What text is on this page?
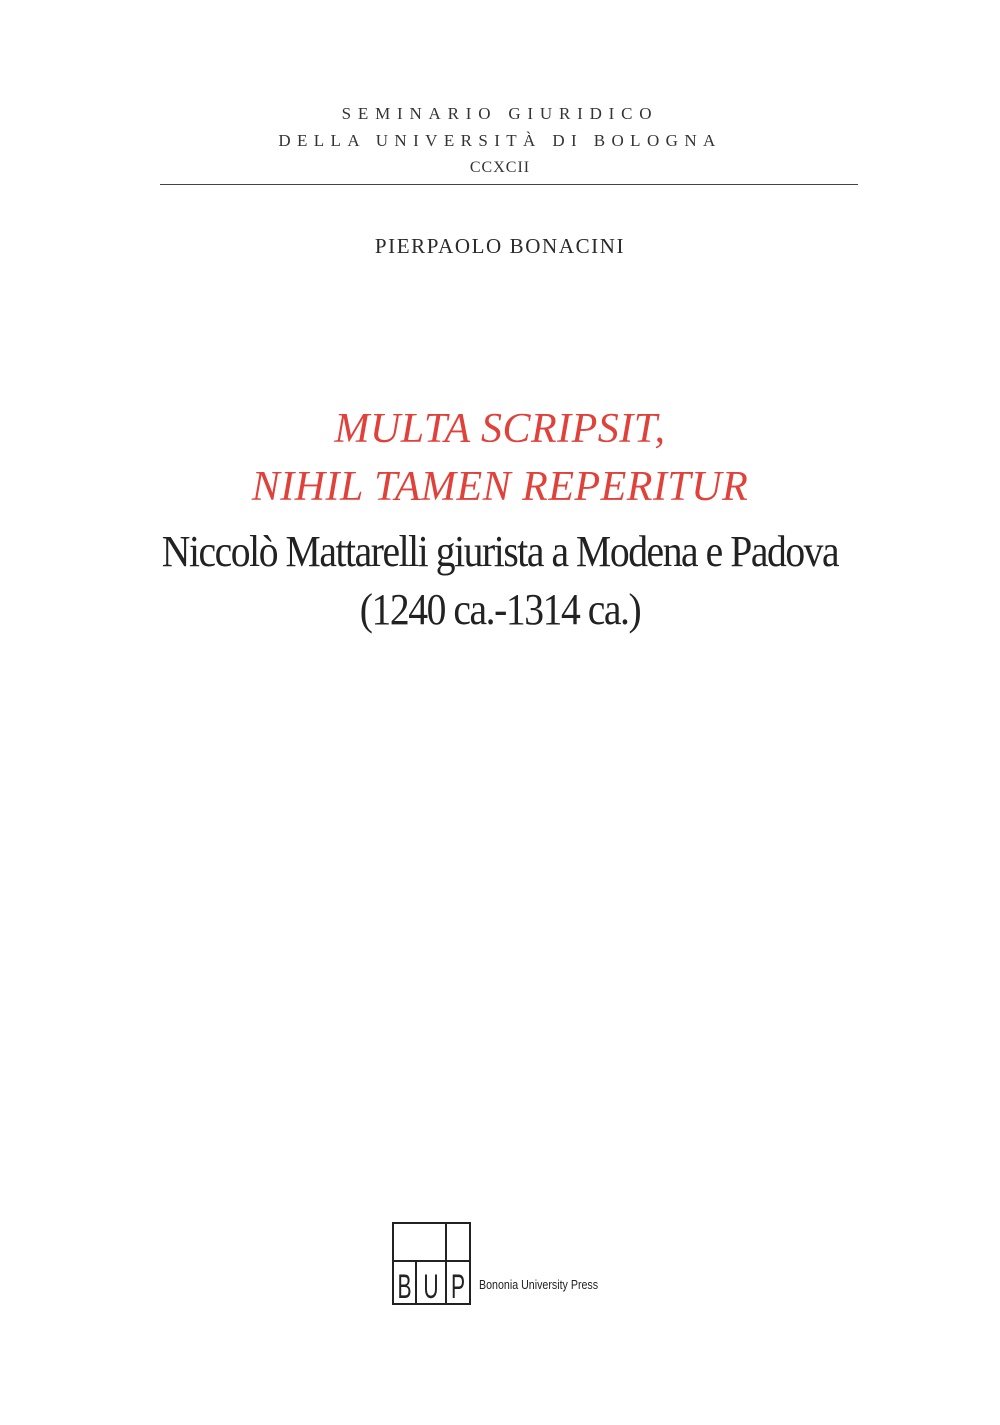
SEMINARIO GIURIDICO
DELLA UNIVERSITÀ DI BOLOGNA
CCXCII
PIERPAOLO BONACINI
MULTA SCRIPSIT,
NIHIL TAMEN REPERITUR
Niccolò Mattarelli giurista a Modena e Padova
(1240 ca.-1314 ca.)
B U P Bononia University Press
